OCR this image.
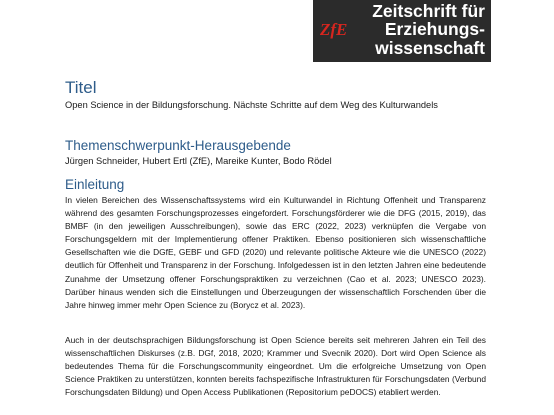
Zeitschrift für
ZfE	Erziehungs-
wissenschaft
Titel
Open Science in der Bildungsforschung. Nächste Schritte auf dem Weg des Kulturwandels
Themenschwerpunkt-Herausgebende
Jürgen Schneider, Hubert Ertl (ZfE), Mareike Kunter, Bodo Rödel
Einleitung

In vielen Bereichen des Wissenschaftssystems wird ein Kulturwandel in Richtung Offenheit und Transparenz während des gesamten Forschungsprozesses eingefordert. Forschungsförderer wie die DFG (2015, 2019), das BMBF (in den jeweiligen Ausschreibungen), sowie das ERC (2022, 2023) verknüpfen die Vergabe von Forschungsgeldern mit der Implementierung offener Praktiken. Ebenso positionieren sich wissenschaftliche Gesellschaften wie die DGfE, GEBF und GFD (2020) und relevante politische Akteure wie die UNESCO (2022) deutlich für Offenheit und Transparenz in der Forschung. Infolgedessen ist in den letzten Jahren eine bedeutende Zunahme der Umsetzung offener Forschungspraktiken zu verzeichnen (Cao et al. 2023; UNESCO 2023). Darüber hinaus wenden sich die Einstellungen und Überzeugungen der wissenschaftlich Forschenden über die Jahre hinweg immer mehr Open Science zu (Borycz et al. 2023).

Auch in der deutschsprachigen Bildungsforschung ist Open Science bereits seit mehreren Jahren ein Teil des wissenschaftlichen Diskurses (z.B. DGf, 2018, 2020; Krammer und Svecnik 2020). Dort wird Open Science als bedeutendes Thema für die Forschungscommunity eingeordnet. Um die erfolgreiche Umsetzung von Open Science Praktiken zu unterstützen, konnten bereits fachspezifische Infrastrukturen für Forschungsdaten (Verbund Forschungsdaten Bildung) und Open Access Publikationen (Repositorium peDOCS) etabliert werden.
